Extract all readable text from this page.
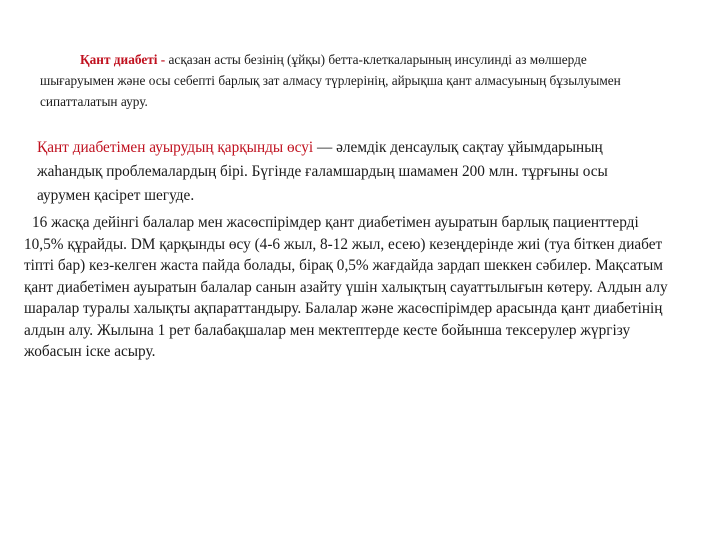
Қант диабеті - асқазан асты безінің (ұйқы) бетта-клеткаларының инсулинді аз мөлшерде шығаруымен және осы себепті барлық зат алмасу түрлерінің, айрықша қант алмасуының бұзылуымен сипатталатын ауру.

Қант диабетімен ауырудың қарқынды өсуі — әлемдік денсаулық сақтау ұйымдарының жаһандық проблемалардың бірі. Бүгінде ғаламшардың шамамен 200 млн. тұрғыны осы аурумен қасірет шегуде.

16 жасқа дейінгі балалар мен жасөспірімдер қант диабетімен ауыратын барлық пациенттерді 10,5% құрайды. DM қарқынды өсу (4-6 жыл, 8-12 жыл, есею) кезеңдерінде жиі (туа біткен диабет тіпті бар) кез-келген жаста пайда болады, бірақ 0,5% жағдайда зардап шеккен сәбилер. Мақсатым қант диабетімен ауыратын балалар санын азайту үшін халықтың сауаттылығын көтеру. Алдын алу шаралар туралы халықты ақпараттандыру. Балалар және жасөспірімдер арасында қант диабетінің алдын алу. Жылына 1 рет балабақшалар мен мектептерде кесте бойынша тексерулер жүргізу жобасын іске асыру.
